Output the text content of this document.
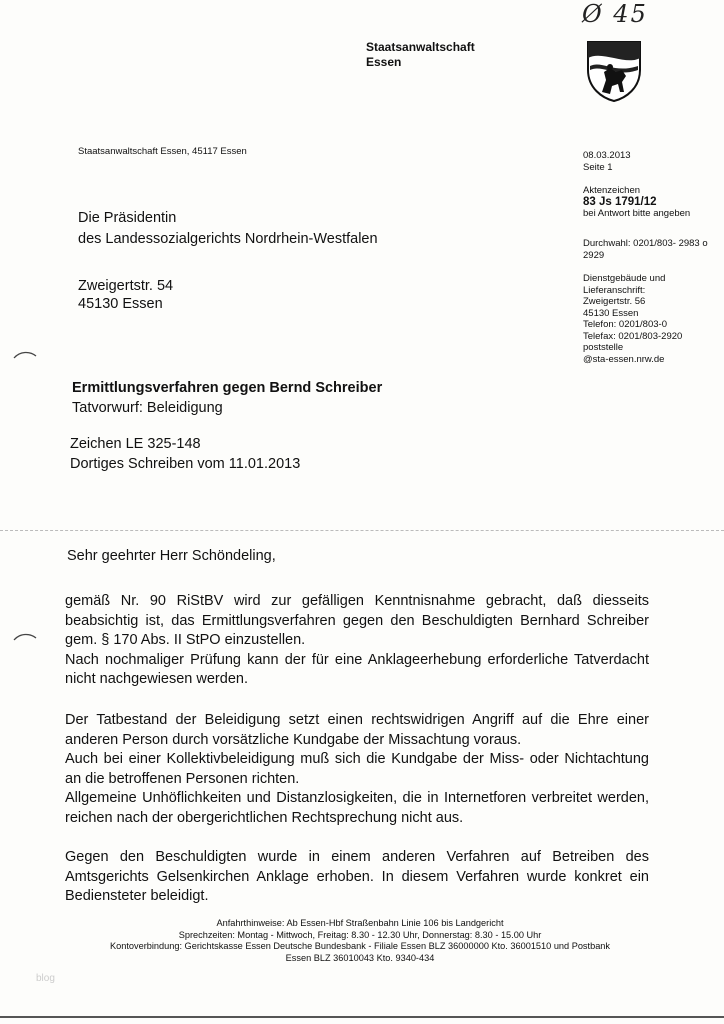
Ø 45
Staatsanwaltschaft
Essen
Staatsanwaltschaft Essen, 45117 Essen	08.03.2013
Seite 1
Aktenzeichen
83 Js 1791/12
bei Antwort bitte angeben
Durchwahl: 0201/803- 2983 o
2929
Dienstgebäude und
Lieferanschrift:
Zweigertstr. 56
45130 Essen
Telefon: 0201/803-0
Telefax: 0201/803-2920
poststelle
@sta-essen.nrw.de
Die Präsidentin
des Landessozialgerichts Nordrhein-Westfalen
Zweigertstr. 54
45130 Essen
Ermittlungsverfahren gegen Bernd Schreiber
Tatvorwurf: Beleidigung
Zeichen LE 325-148
Dortiges Schreiben vom 11.01.2013
Sehr geehrter Herr Schöndeling,

gemäß Nr. 90 RiStBV wird zur gefälligen Kenntnisnahme gebracht, daß diesseits beabsichtig ist, das Ermittlungsverfahren gegen den Beschuldigten Bernhard Schreiber gem. § 170 Abs. II StPO einzustellen.

Nach nochmaliger Prüfung kann der für eine Anklageerhebung erforderliche Tatverdacht nicht nachgewiesen werden.

Der Tatbestand der Beleidigung setzt einen rechtswidrigen Angriff auf die Ehre einer anderen Person durch vorsätzliche Kundgabe der Missachtung voraus.

Auch bei einer Kollektivbeleidigung muß sich die Kundgabe der Miss- oder Nichtachtung an die betroffenen Personen richten.

Allgemeine Unhöflichkeiten und Distanzlosigkeiten, die in Internetforen verbreitet werden, reichen nach der obergerichtlichen Rechtsprechung nicht aus.

Gegen den Beschuldigten wurde in einem anderen Verfahren auf Betreiben des Amtsgerichts Gelsenkirchen Anklage erhoben. In diesem Verfahren wurde konkret ein Bediensteter beleidigt.

Anfahrthinweise: Ab Essen-Hbf Straßenbahn Linie 106 bis Landgericht
Sprechzeiten: Montag - Mittwoch, Freitag: 8.30 - 12.30 Uhr, Donnerstag: 8.30 - 15.00 Uhr
Kontoverbindung: Gerichtskasse Essen Deutsche Bundesbank - Filiale Essen BLZ 36000000 Kto. 36001510 und Postbank
Essen BLZ 36010043 Kto. 9340-434
blog
